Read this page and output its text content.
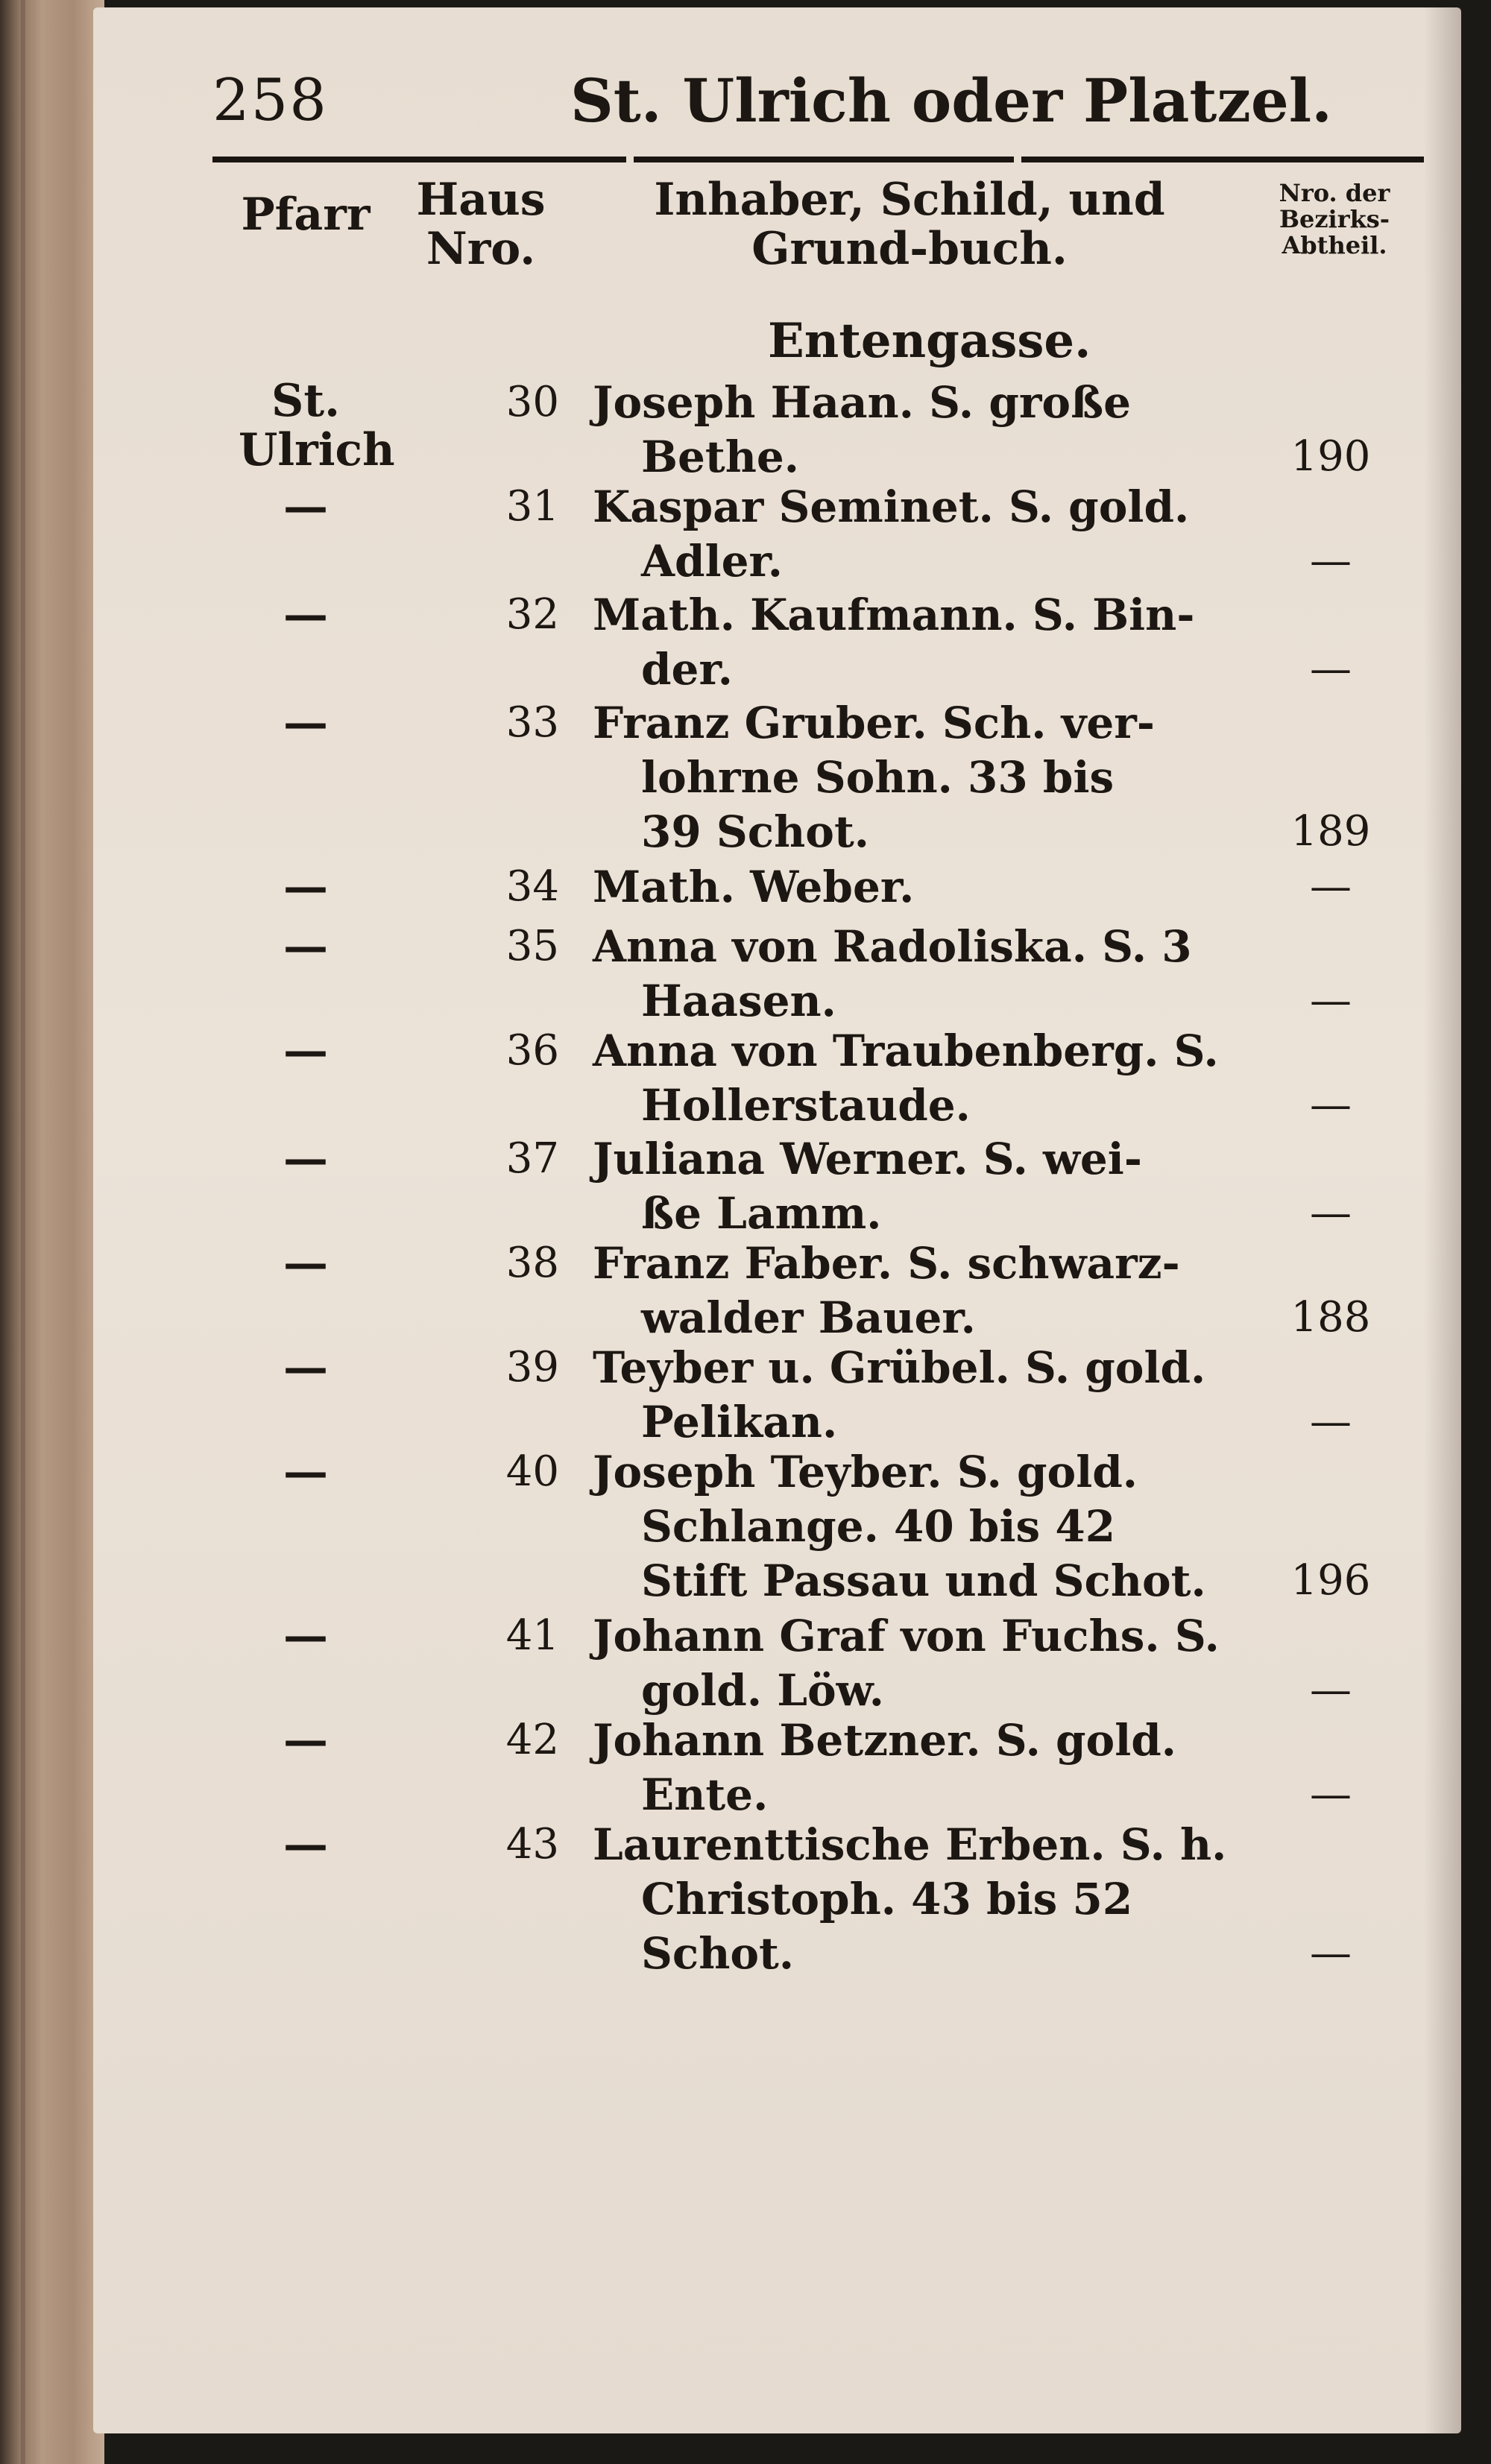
258	St. Ulrich oder Platzel.
Pfarr	Haus Nro.
Inhaber, Schild, und Grund-buch.
Nro. der Bezirks-Abtheil.
Entengasse.
St. Ulrich
30 Joseph Haan. S. große
Bethe.	190
—	31 Kaspar Seminet. S. gold.
Adler.	—
—	32 Math. Kaufmann. S. Bin-
der.	—
—	33 Franz Gruber. Sch. ver-
lohrne Sohn. 33 bis
39 Schot.	189
—	34 Math. Weber.	—
—	35 Anna von Radoliska. S. 3
Haasen.	—
—	36 Anna von Traubenberg. S.
Hollerstaude.	—
—	37 Juliana Werner. S. wei-
ße Lamm.	—
—	38 Franz Faber. S. schwarz-
walder Bauer.	188
—	39 Teyber u. Grübel. S. gold.
Pelikan.	—
—	40 Joseph Teyber. S. gold.
Schlange. 40 bis 42
Stift Passau und Schot.	196
—	41 Johann Graf von Fuchs. S.
gold. Löw.	—
—	42 Johann Betzner. S. gold.
Ente.	—
—	43 Laurenttische Erben. S. h.
Christoph. 43 bis 52
Schot.	—
